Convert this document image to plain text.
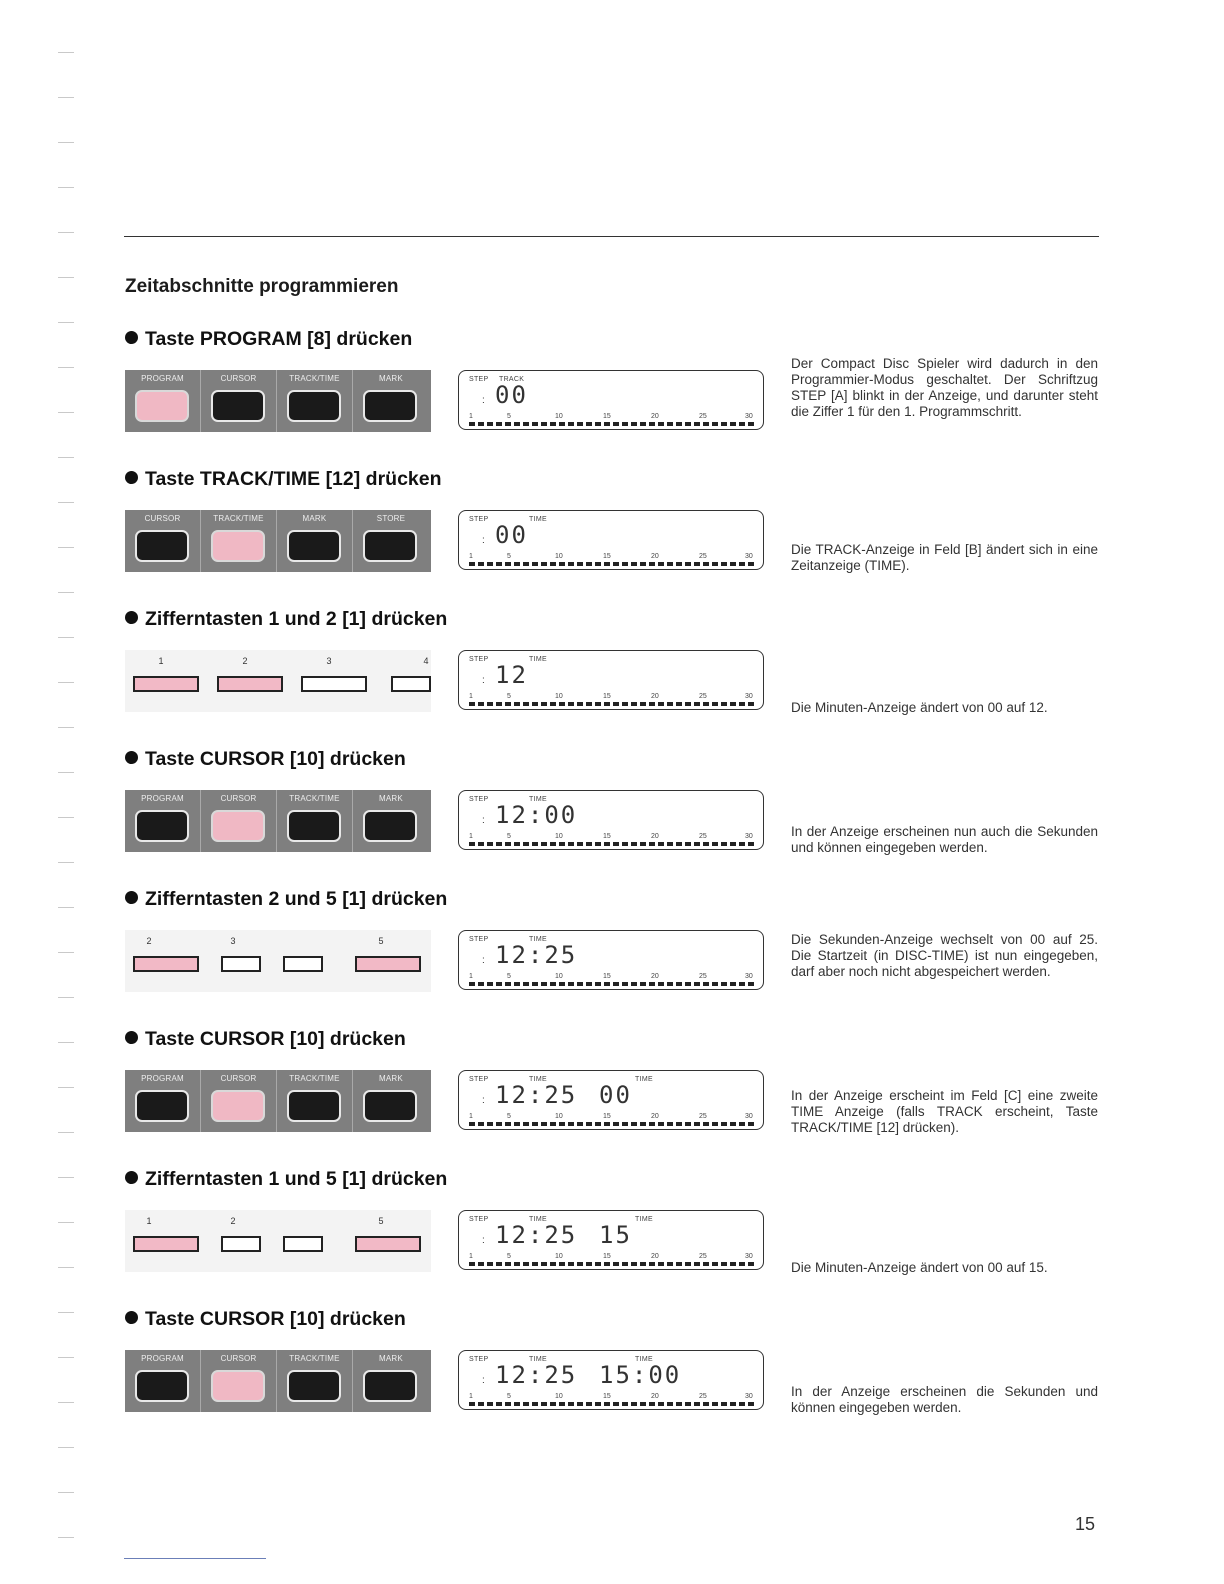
Zeitabschnitte programmieren
Taste PROGRAM [8] drücken
PROGRAM	CURSOR	TRACK/TIME	MARK	STEP TRACK
: 00
1	5	10	15	20	25	30

Der Compact Disc Spieler wird dadurch in den Programmier-Modus geschaltet. Der Schriftzug STEP [A] blinkt in der Anzeige, und darunter steht die Ziffer 1 für den 1. Programmschritt.

Taste TRACK/TIME [12] drücken
CURSOR	TRACK/TIME	MARK	STORE	STEP	TIME
: 00
1	5	10	15	20	25	30	Die TRACK-Anzeige in Feld [B] ändert sich in eine Zeitanzeige (TIME).

Zifferntasten 1 und 2 [1] drücken
1	2	3	4	STEP	TIME
: 12
1	5	10	15	20	25	30

Die Minuten-Anzeige ändert von 00 auf 12.

Taste CURSOR [10] drücken
PROGRAM	CURSOR	TRACK/TIME	MARK	STEP	TIME
: 12:00
1	5	10	15	20	25	30	In der Anzeige erscheinen nun auch die Sekunden und können eingegeben werden.

Zifferntasten 2 und 5 [1] drücken
2	3	5	STEP	TIME
: 12:25
1	5	10	15	20	25	30

Die Sekunden-Anzeige wechselt von 00 auf 25. Die Startzeit (in DISC-TIME) ist nun eingegeben, darf aber noch nicht abgespeichert werden.

Taste CURSOR [10] drücken
PROGRAM	CURSOR	TRACK/TIME	MARK	STEP	TIME	TIME
: 12:25 00
1	5	10	15	20	25	30

In der Anzeige erscheint im Feld [C] eine zweite TIME Anzeige (falls TRACK erscheint, Taste TRACK/TIME [12] drücken).

Zifferntasten 1 und 5 [1] drücken
1	2	5	STEP	TIME	TIME
: 12:25 15
1	5	10	15	20	25	30

Die Minuten-Anzeige ändert von 00 auf 15.

Taste CURSOR [10] drücken
PROGRAM	CURSOR	TRACK/TIME	MARK	STEP	TIME	TIME
: 12:25 15:00
1	5	10	15	20	25	30	In der Anzeige erscheinen die Sekunden und können eingegeben werden.

15
